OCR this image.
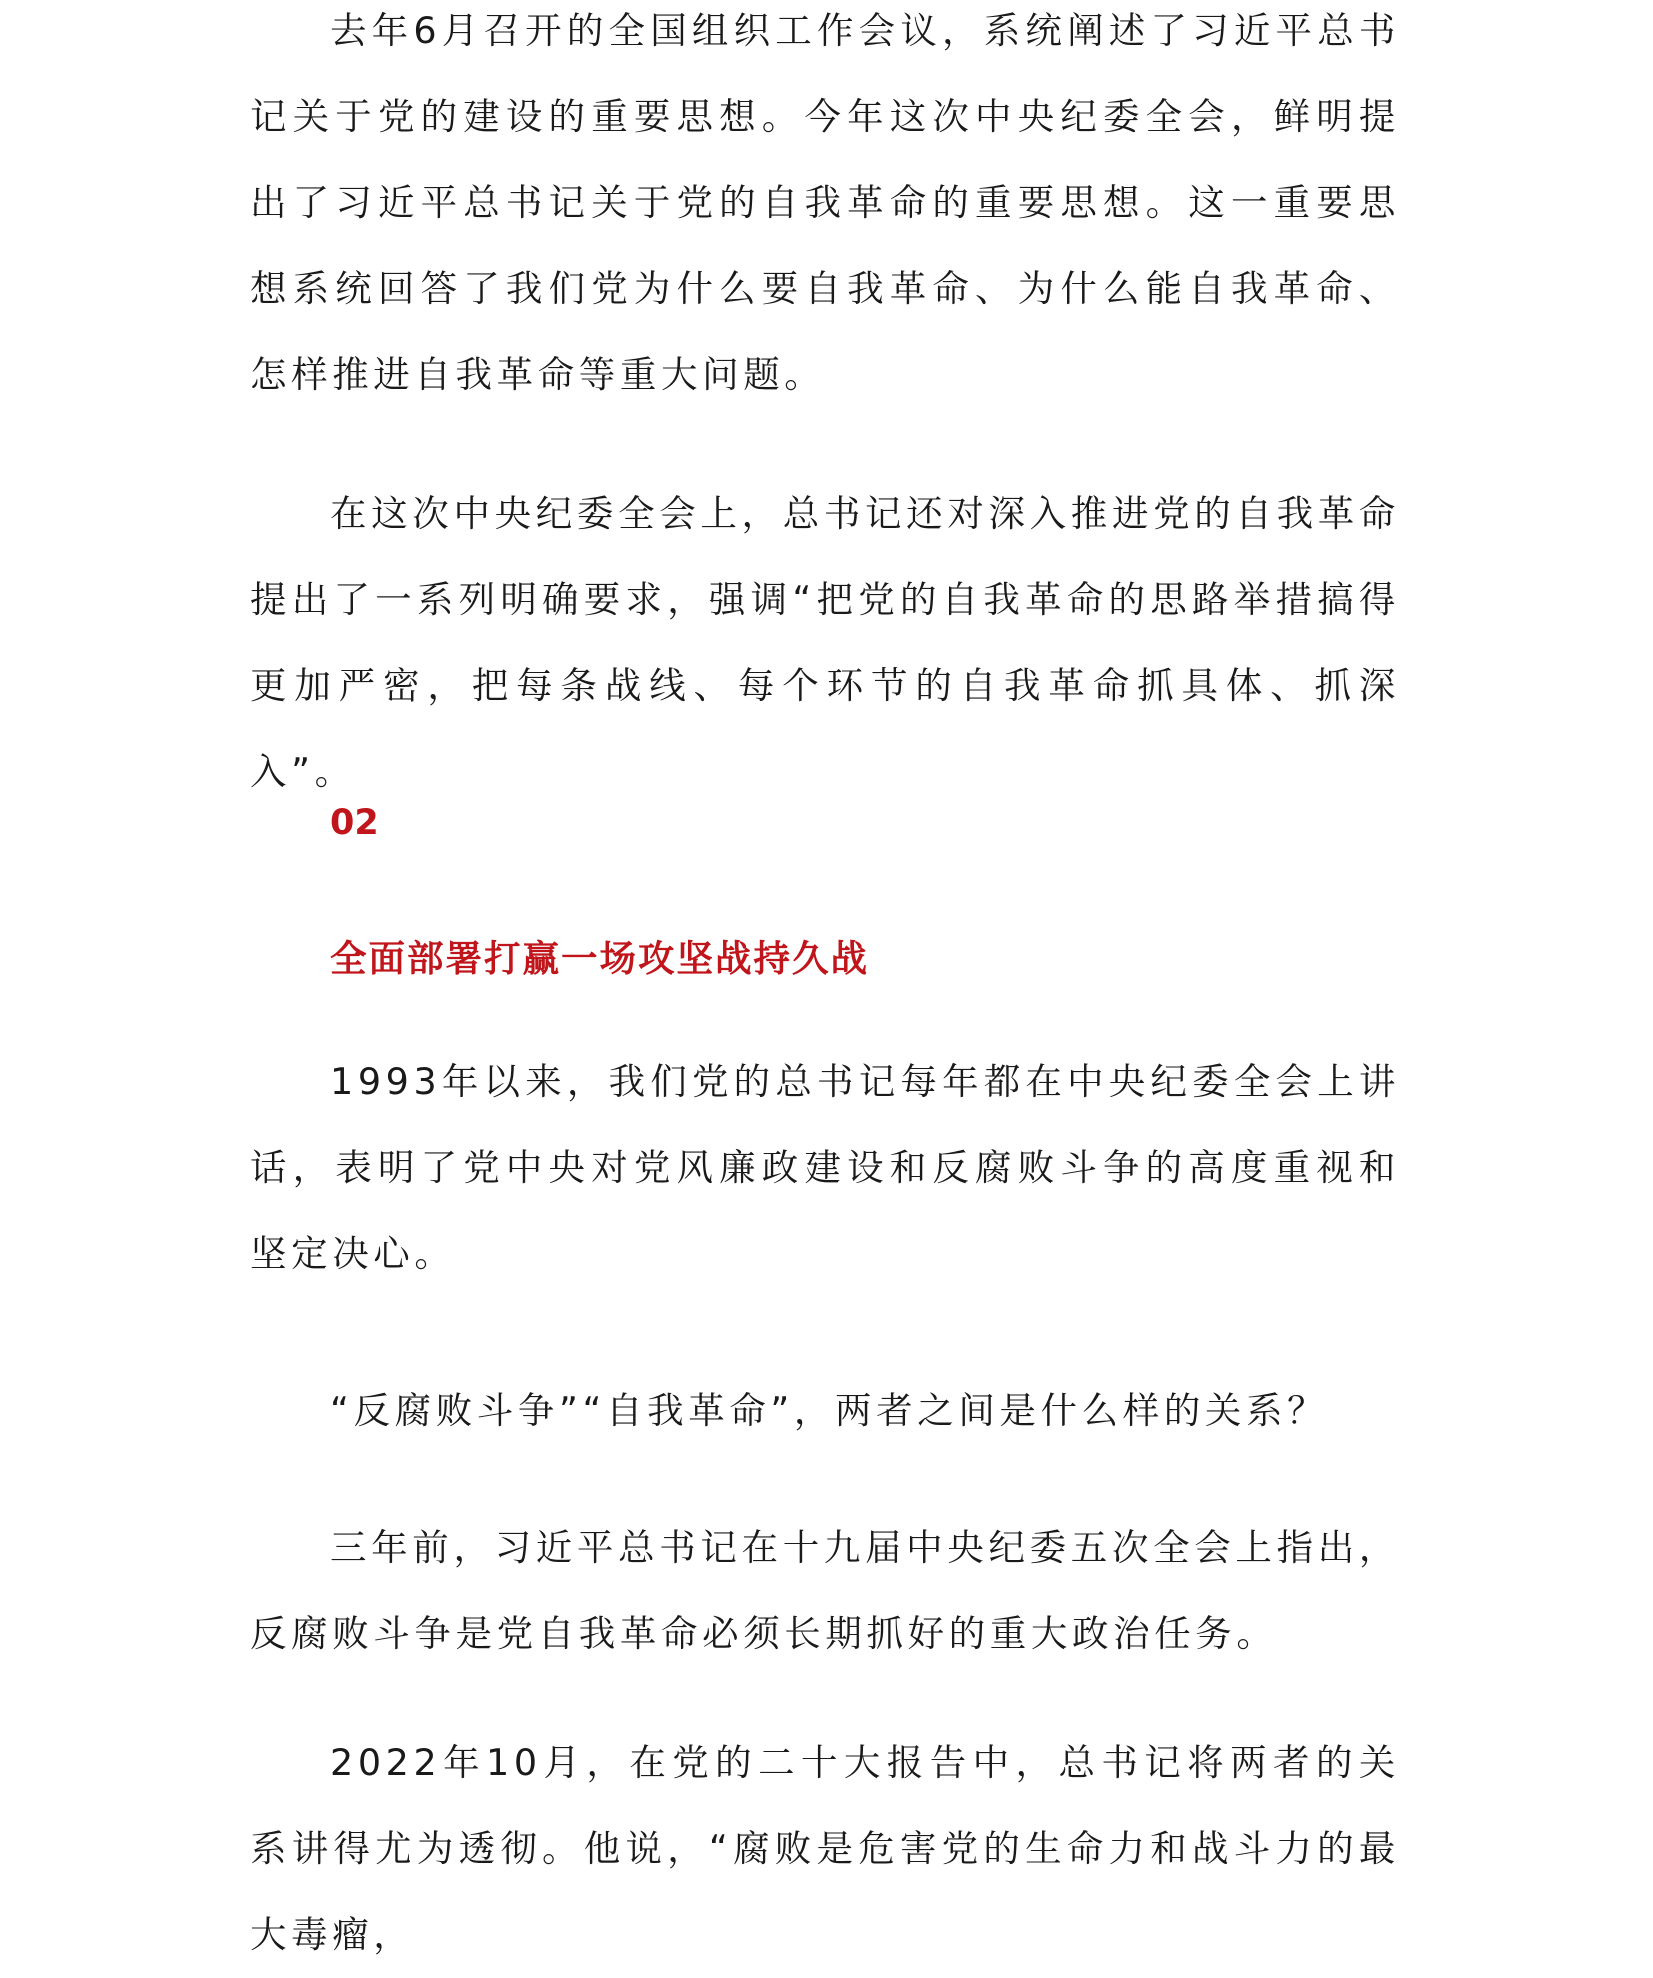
去年6月召开的全国组织工作会议，系统阐述了习近平总书记关于党的建设的重要思想。今年这次中央纪委全会，鲜明提出了习近平总书记关于党的自我革命的重要思想。这一重要思想系统回答了我们党为什么要自我革命、为什么能自我革命、怎样推进自我革命等重大问题。

在这次中央纪委全会上，总书记还对深入推进党的自我革命提出了一系列明确要求，强调“把党的自我革命的思路举措搞得更加严密，把每条战线、每个环节的自我革命抓具体、抓深入”。

02

全面部署打赢一场攻坚战持久战

1993年以来，我们党的总书记每年都在中央纪委全会上讲话，表明了党中央对党风廉政建设和反腐败斗争的高度重视和坚定决心。

“反腐败斗争”“自我革命”，两者之间是什么样的关系？

三年前，习近平总书记在十九届中央纪委五次全会上指出，反腐败斗争是党自我革命必须长期抓好的重大政治任务。

2022年10月，在党的二十大报告中，总书记将两者的关系讲得尤为透彻。他说，“腐败是危害党的生命力和战斗力的最大毒瘤，
